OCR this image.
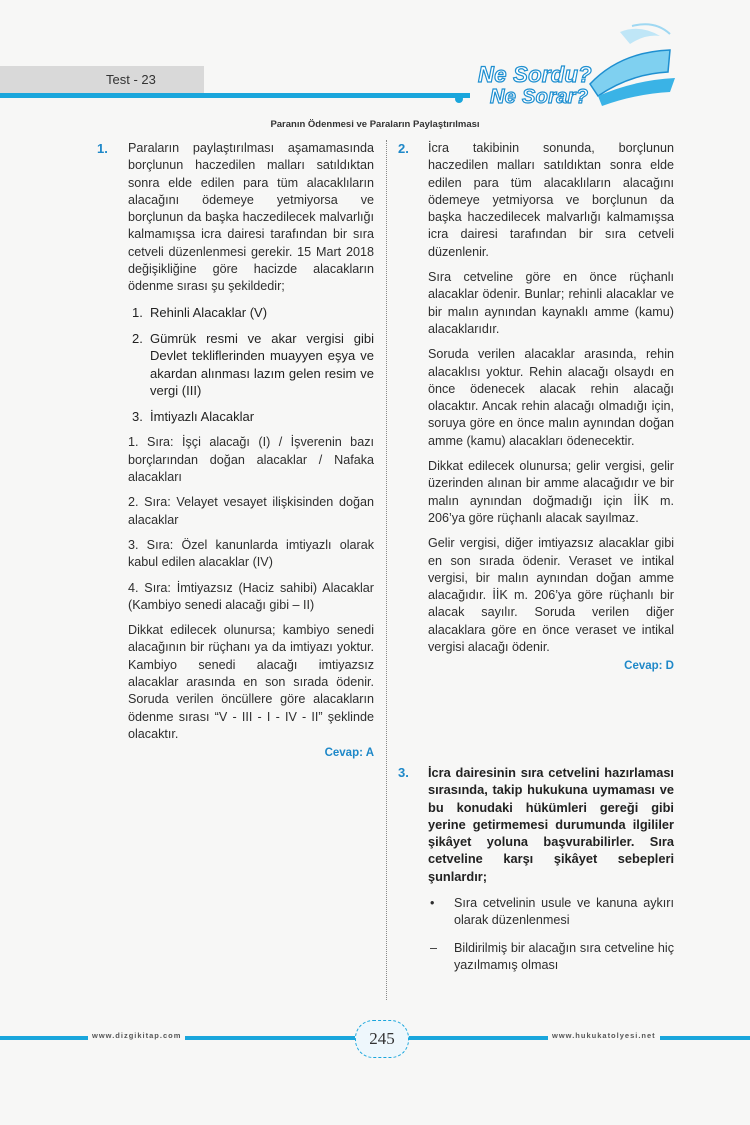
Test - 23	Ne Sordu?
Ne Sorar?
Paranın Ödenmesi ve Paraların Paylaştırılması
1.	2.
3.

Paraların paylaştırılması aşamamasında borçlunun haczedilen malları satıldıktan sonra elde edilen para tüm alacaklıların alacağını ödemeye yetmiyorsa ve borçlunun da başka haczedilecek malvarlığı kalmamışsa icra dairesi tarafından bir sıra cetveli düzenlenmesi gerekir. 15 Mart 2018 değişikliğine göre hacizde alacakların ödenme sırası şu şekildedir;

1. Rehinli Alacaklar (V)
2. Gümrük resmi ve akar vergisi gibi Devlet tekliflerinden muayyen eşya ve akardan alınması lazım gelen resim ve vergi (III)
3. İmtiyazlı Alacaklar

1. Sıra: İşçi alacağı (I) / İşverenin bazı borçlarından doğan alacaklar / Nafaka alacakları

2. Sıra: Velayet vesayet ilişkisinden doğan alacaklar

3. Sıra: Özel kanunlarda imtiyazlı olarak kabul edilen alacaklar (IV)

4. Sıra: İmtiyazsız (Haciz sahibi) Alacaklar (Kambiyo senedi alacağı gibi – II)

Dikkat edilecek olunursa; kambiyo senedi alacağının bir rüçhanı ya da imtiyazı yoktur. Kambiyo senedi alacağı imtiyazsız alacaklar arasında en son sırada ödenir. Soruda verilen öncüllere göre alacakların ödenme sırası “V - III - I - IV - II” şeklinde olacaktır.

Cevap: A

İcra takibinin sonunda, borçlunun haczedilen malları satıldıktan sonra elde edilen para tüm alacaklıların alacağını ödemeye yetmiyorsa ve borçlunun da başka haczedilecek malvarlığı kalmamışsa icra dairesi tarafından bir sıra cetveli düzenlenir.

Sıra cetveline göre en önce rüçhanlı alacaklar ödenir. Bunlar; rehinli alacaklar ve bir malın aynından kaynaklı amme (kamu) alacaklarıdır.

Soruda verilen alacaklar arasında, rehin alacaklısı yoktur. Rehin alacağı olsaydı en önce ödenecek alacak rehin alacağı olacaktır. Ancak rehin alacağı olmadığı için, soruya göre en önce malın aynından doğan amme (kamu) alacakları ödenecektir.

Dikkat edilecek olunursa; gelir vergisi, gelir üzerinden alınan bir amme alacağıdır ve bir malın aynından doğmadığı için İİK m. 206’ya göre rüçhanlı alacak sayılmaz.

Gelir vergisi, diğer imtiyazsız alacaklar gibi en son sırada ödenir. Veraset ve intikal vergisi, bir malın aynından doğan amme alacağıdır. İİK m. 206’ya göre rüçhanlı bir alacak sayılır. Soruda verilen diğer alacaklara göre en önce veraset ve intikal vergisi alacağı ödenir.

Cevap: D

İcra dairesinin sıra cetvelini hazırlaması sırasında, takip hukukuna uymaması ve bu konudaki hükümleri gereği gibi yerine getirmemesi durumunda ilgililer şikâyet yoluna başvurabilirler. Sıra cetveline karşı şikâyet sebepleri şunlardır;

• Sıra cetvelinin usule ve kanuna aykırı olarak düzenlenmesi
– Bildirilmiş bir alacağın sıra cetveline hiç yazılmamış olması
www.dizgikitap.com	www.hukukatolyesi.net
245
